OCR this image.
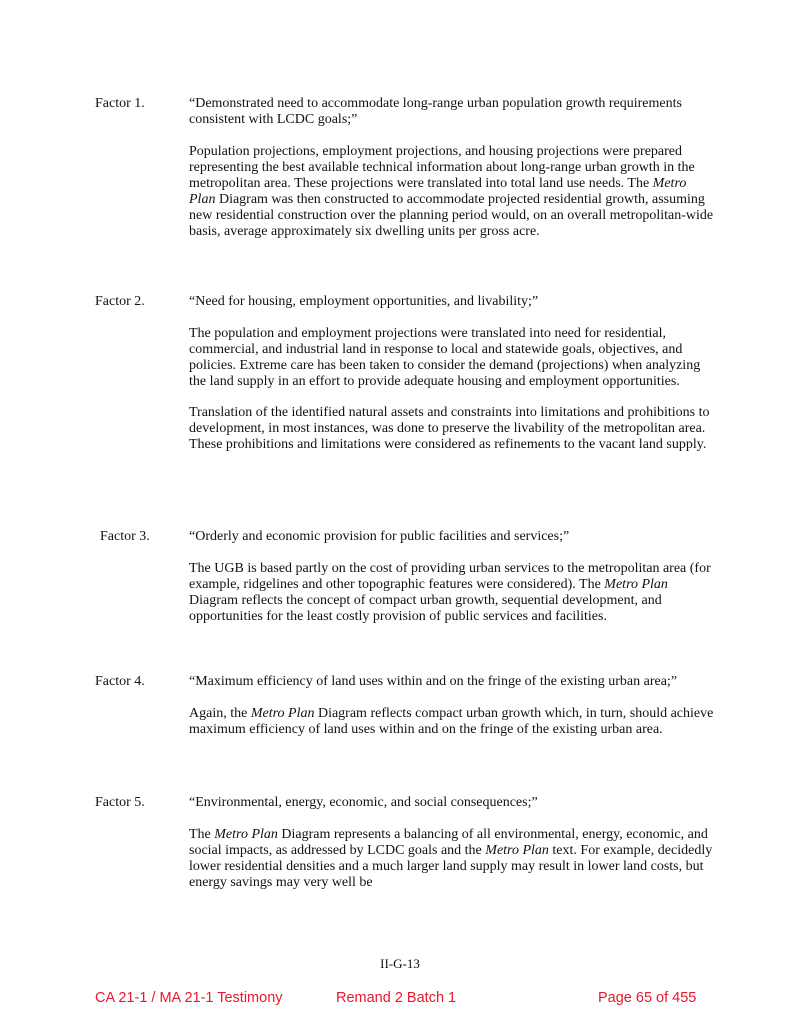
Factor 1.	“Demonstrated need to accommodate long-range urban population growth requirements consistent with LCDC goals;”

Population projections, employment projections, and housing projections were prepared representing the best available technical information about long-range urban growth in the metropolitan area. These projections were translated into total land use needs. The Metro Plan Diagram was then constructed to accommodate projected residential growth, assuming new residential construction over the planning period would, on an overall metropolitan-wide basis, average approximately six dwelling units per gross acre.

Factor 2.	“Need for housing, employment opportunities, and livability;”

The population and employment projections were translated into need for residential, commercial, and industrial land in response to local and statewide goals, objectives, and policies. Extreme care has been taken to consider the demand (projections) when analyzing the land supply in an effort to provide adequate housing and employment opportunities.

Translation of the identified natural assets and constraints into limitations and prohibitions to development, in most instances, was done to preserve the livability of the metropolitan area. These prohibitions and limitations were considered as refinements to the vacant land supply.

Factor 3.	“Orderly and economic provision for public facilities and services;”

The UGB is based partly on the cost of providing urban services to the metropolitan area (for example, ridgelines and other topographic features were considered). The Metro Plan Diagram reflects the concept of compact urban growth, sequential development, and opportunities for the least costly provision of public services and facilities.

Factor 4.	“Maximum efficiency of land uses within and on the fringe of the existing urban area;”

Again, the Metro Plan Diagram reflects compact urban growth which, in turn, should achieve maximum efficiency of land uses within and on the fringe of the existing urban area.

Factor 5.	“Environmental, energy, economic, and social consequences;”

The Metro Plan Diagram represents a balancing of all environmental, energy, economic, and social impacts, as addressed by LCDC goals and the Metro Plan text. For example, decidedly lower residential densities and a much larger land supply may result in lower land costs, but energy savings may very well be

II-G-13
CA 21-1 / MA 21-1 Testimony	Remand 2 Batch 1	Page 65 of 455
